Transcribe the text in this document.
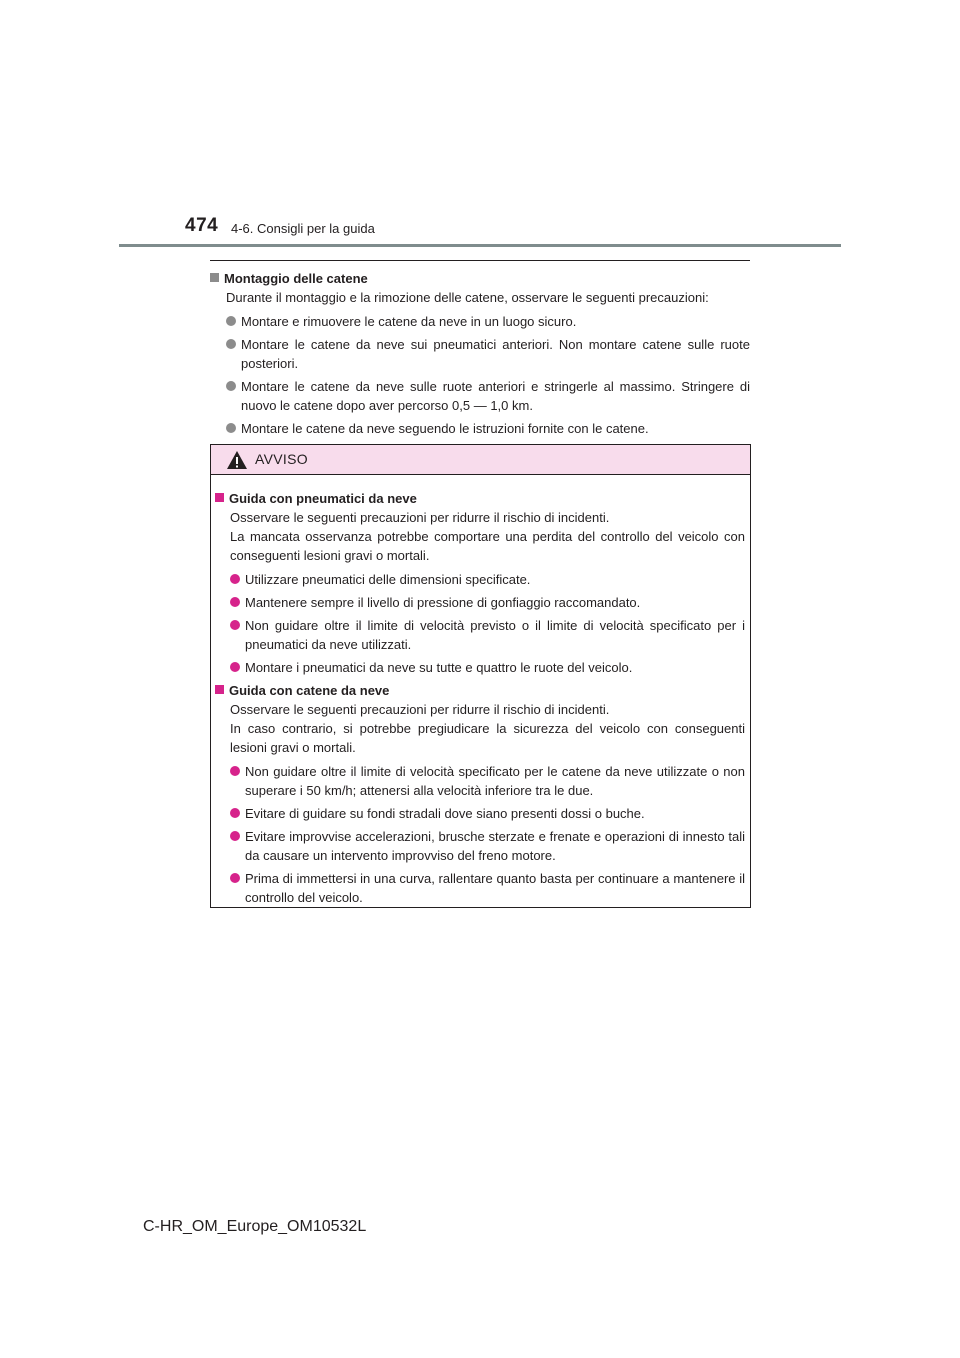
474 4-6. Consigli per la guida
Montaggio delle catene

Durante il montaggio e la rimozione delle catene, osservare le seguenti precauzioni:

Montare e rimuovere le catene da neve in un luogo sicuro.
Montare le catene da neve sui pneumatici anteriori. Non montare catene sulle ruote posteriori.
Montare le catene da neve sulle ruote anteriori e stringerle al massimo. Stringere di nuovo le catene dopo aver percorso 0,5 — 1,0 km.
Montare le catene da neve seguendo le istruzioni fornite con le catene.
AVVISO
Guida con pneumatici da neve

Osservare le seguenti precauzioni per ridurre il rischio di incidenti.

La mancata osservanza potrebbe comportare una perdita del controllo del veicolo con conseguenti lesioni gravi o mortali.

Utilizzare pneumatici delle dimensioni specificate.
Mantenere sempre il livello di pressione di gonfiaggio raccomandato.
Non guidare oltre il limite di velocità previsto o il limite di velocità specificato per i pneumatici da neve utilizzati.
Montare i pneumatici da neve su tutte e quattro le ruote del veicolo.
Guida con catene da neve

Osservare le seguenti precauzioni per ridurre il rischio di incidenti.

In caso contrario, si potrebbe pregiudicare la sicurezza del veicolo con conseguenti lesioni gravi o mortali.

Non guidare oltre il limite di velocità specificato per le catene da neve utilizzate o non superare i 50 km/h; attenersi alla velocità inferiore tra le due.
Evitare di guidare su fondi stradali dove siano presenti dossi o buche.
Evitare improvvise accelerazioni, brusche sterzate e frenate e operazioni di innesto tali da causare un intervento improvviso del freno motore.
Prima di immettersi in una curva, rallentare quanto basta per continuare a mantenere il controllo del veicolo.
C-HR_OM_Europe_OM10532L
